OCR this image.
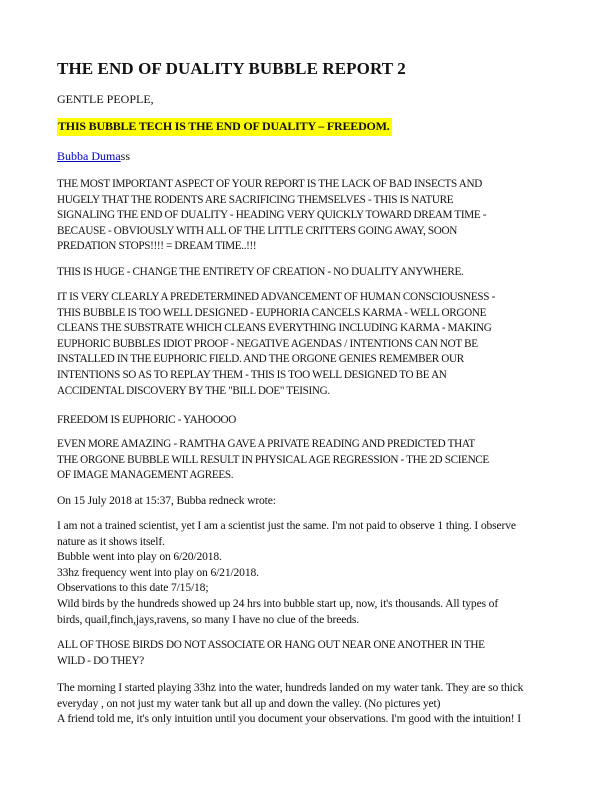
THE END OF DUALITY BUBBLE REPORT 2

GENTLE PEOPLE,

THIS BUBBLE TECH IS THE END OF DUALITY – FREEDOM.

Bubba Dumass

THE MOST IMPORTANT ASPECT OF YOUR REPORT IS THE LACK OF BAD INSECTS AND
HUGELY THAT THE RODENTS ARE SACRIFICING THEMSELVES - THIS IS NATURE
SIGNALING THE END OF DUALITY - HEADING VERY QUICKLY TOWARD DREAM TIME -
BECAUSE - OBVIOUSLY WITH ALL OF THE LITTLE CRITTERS GOING AWAY, SOON
PREDATION STOPS!!!! = DREAM TIME..!!!
THIS IS HUGE - CHANGE THE ENTIRETY OF CREATION - NO DUALITY ANYWHERE.
IT IS VERY CLEARLY A PREDETERMINED ADVANCEMENT OF HUMAN CONSCIOUSNESS -
THIS BUBBLE IS TOO WELL DESIGNED - EUPHORIA CANCELS KARMA - WELL ORGONE
CLEANS THE SUBSTRATE WHICH CLEANS EVERYTHING INCLUDING KARMA - MAKING
EUPHORIC BUBBLES IDIOT PROOF - NEGATIVE AGENDAS / INTENTIONS CAN NOT BE
INSTALLED IN THE EUPHORIC FIELD. AND THE ORGONE GENIES REMEMBER OUR
INTENTIONS SO AS TO REPLAY THEM - THIS IS TOO WELL DESIGNED TO BE AN
ACCIDENTAL DISCOVERY BY THE "BILL DOE" TEISING.
FREEDOM IS EUPHORIC - YAHOOOO
EVEN MORE AMAZING - RAMTHA GAVE A PRIVATE READING AND PREDICTED THAT
THE ORGONE BUBBLE WILL RESULT IN PHYSICAL AGE REGRESSION - THE 2D SCIENCE
OF IMAGE MANAGEMENT AGREES.
On 15 July 2018 at 15:37, Bubba redneck wrote:
I am not a trained scientist, yet I am a scientist just the same. I'm not paid to observe 1 thing. I observe
nature as it shows itself.
Bubble went into play on 6/20/2018.
33hz frequency went into play on 6/21/2018.
Observations to this date 7/15/18;
Wild birds by the hundreds showed up 24 hrs into bubble start up, now, it's thousands. All types of
birds, quail,finch,jays,ravens, so many I have no clue of the breeds.
ALL OF THOSE BIRDS DO NOT ASSOCIATE OR HANG OUT NEAR ONE ANOTHER IN THE
WILD - DO THEY?
The morning I started playing 33hz into the water, hundreds landed on my water tank. They are so thick
everyday , on not just my water tank but all up and down the valley. (No pictures yet)
A friend told me, it's only intuition until you document your observations. I'm good with the intuition! I
